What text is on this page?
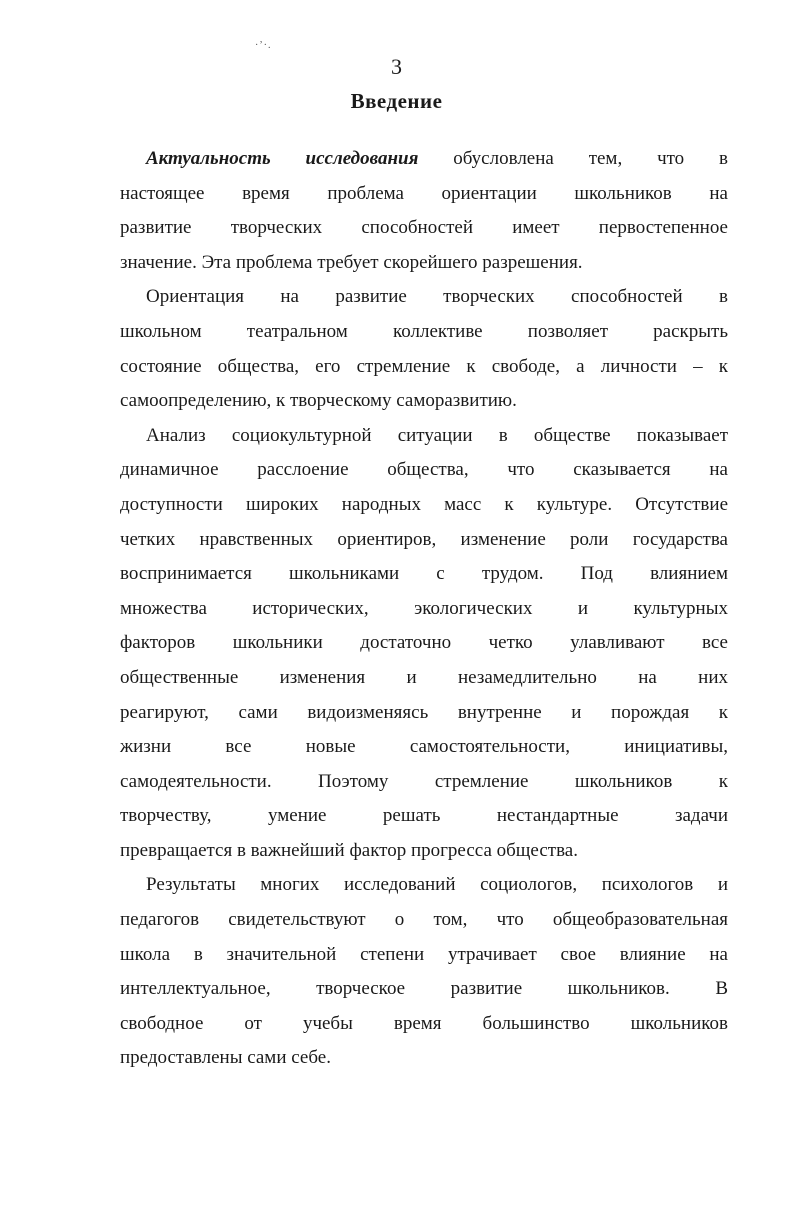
·’·.
3
Введение

Актуальность исследования обусловлена тем, что в
настоящее время проблема ориентации школьников на
развитие творческих способностей имеет первостепенное
значение. Эта проблема требует скорейшего разрешения.

Ориентация на развитие творческих способностей в
школьном театральном коллективе позволяет раскрыть
состояние общества, его стремление к свободе, а личности – к
самоопределению, к творческому саморазвитию.

Анализ социокультурной ситуации в обществе показывает
динамичное расслоение общества, что сказывается на
доступности широких народных масс к культуре. Отсутствие
четких нравственных ориентиров, изменение роли государства
воспринимается школьниками с трудом. Под влиянием
множества исторических, экологических и культурных
факторов школьники достаточно четко улавливают все
общественные изменения и незамедлительно на них
реагируют, сами видоизменяясь внутренне и порождая к
жизни все новые самостоятельности, инициативы,
самодеятельности. Поэтому стремление школьников к
творчеству, умение решать нестандартные задачи
превращается в важнейший фактор прогресса общества.

Результаты многих исследований социологов, психологов и
педагогов свидетельствуют о том, что общеобразовательная
школа в значительной степени утрачивает свое влияние на
интеллектуальное, творческое развитие школьников. В
свободное от учебы время большинство школьников
предоставлены сами себе.
